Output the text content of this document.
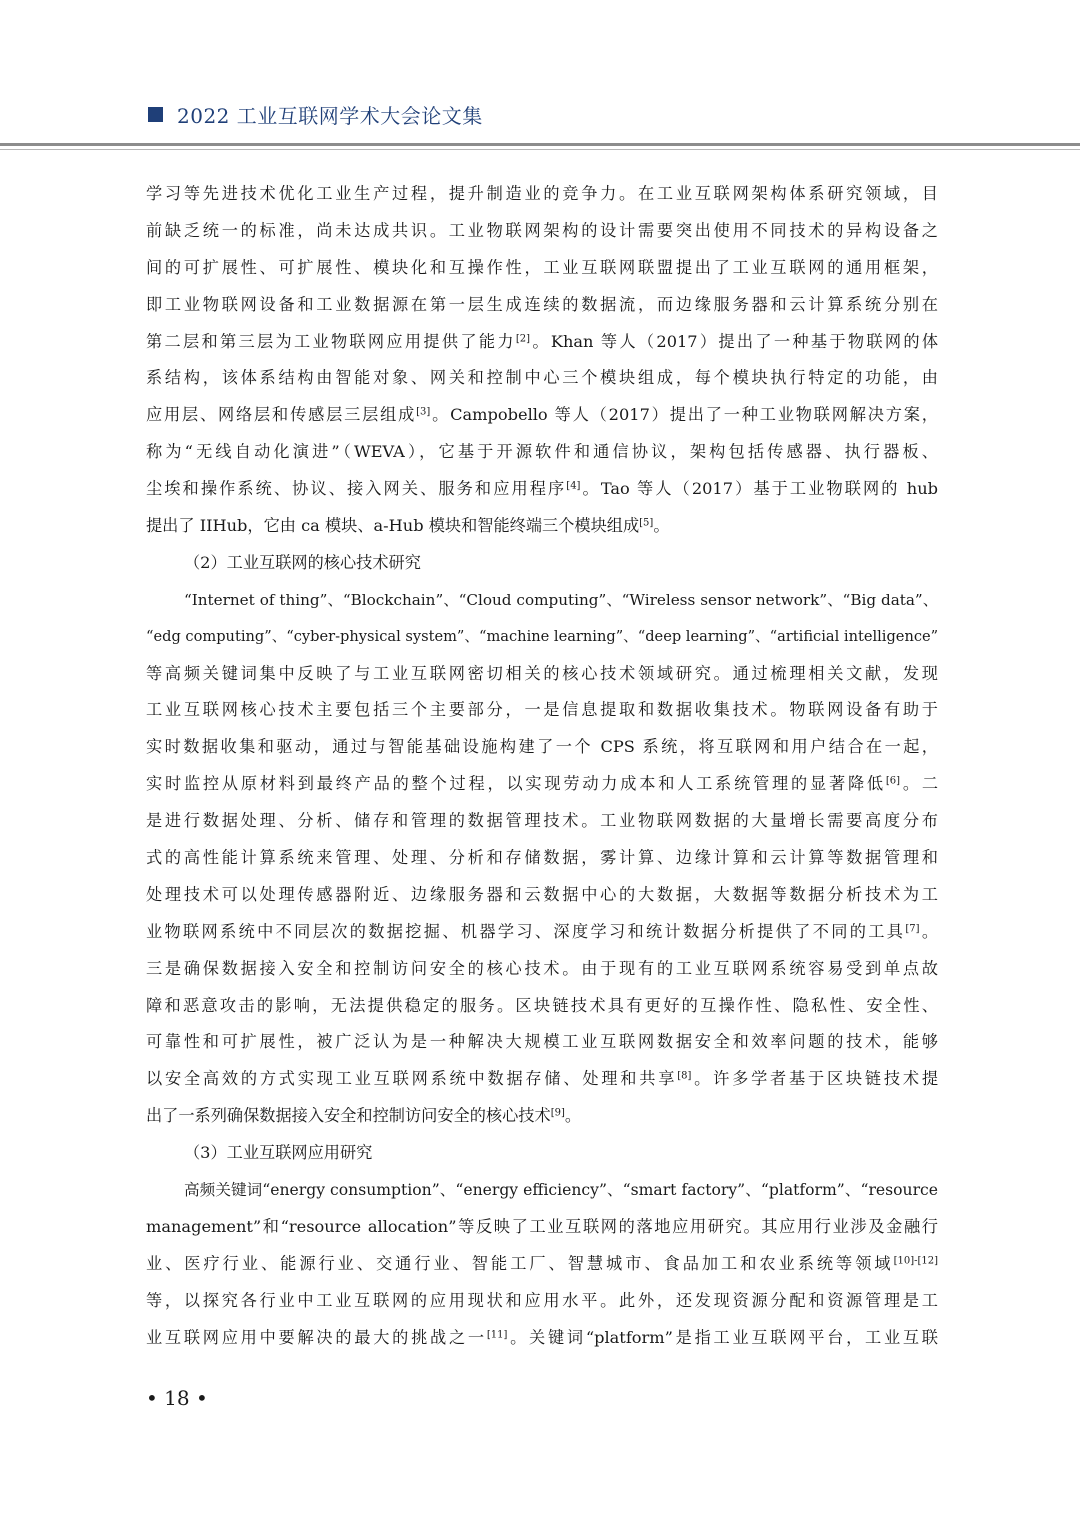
2022 工业互联网学术大会论文集
学习等先进技术优化工业生产过程，提升制造业的竞争力。在工业互联网架构体系研究领域，目
前缺乏统一的标准，尚未达成共识。工业物联网架构的设计需要突出使用不同技术的异构设备之
间的可扩展性、可扩展性、模块化和互操作性，工业互联网联盟提出了工业互联网的通用框架，
即工业物联网设备和工业数据源在第一层生成连续的数据流，而边缘服务器和云计算系统分别在
第二层和第三层为工业物联网应用提供了能力[2]。Khan 等人（2017）提出了一种基于物联网的体
系结构，该体系结构由智能对象、网关和控制中心三个模块组成，每个模块执行特定的功能，由
应用层、网络层和传感层三层组成[3]。Campobello 等人（2017）提出了一种工业物联网解决方案，
称为“无线自动化演进”（WEVA），它基于开源软件和通信协议，架构包括传感器、执行器板、
尘埃和操作系统、协议、接入网关、服务和应用程序[4]。Tao 等人（2017）基于工业物联网的 hub
提出了 IIHub，它由 ca 模块、a-Hub 模块和智能终端三个模块组成[5]。
（2）工业互联网的核心技术研究
“Internet of thing”、“Blockchain”、“Cloud computing”、“Wireless sensor network”、“Big data”、
“edg computing”、“cyber-physical system”、“machine learning”、“deep learning”、“artificial intelligence”
等高频关键词集中反映了与工业互联网密切相关的核心技术领域研究。通过梳理相关文献，发现
工业互联网核心技术主要包括三个主要部分，一是信息提取和数据收集技术。物联网设备有助于
实时数据收集和驱动，通过与智能基础设施构建了一个 CPS 系统，将互联网和用户结合在一起，
实时监控从原材料到最终产品的整个过程，以实现劳动力成本和人工系统管理的显著降低[6]。二
是进行数据处理、分析、储存和管理的数据管理技术。工业物联网数据的大量增长需要高度分布
式的高性能计算系统来管理、处理、分析和存储数据，雾计算、边缘计算和云计算等数据管理和
处理技术可以处理传感器附近、边缘服务器和云数据中心的大数据，大数据等数据分析技术为工
业物联网系统中不同层次的数据挖掘、机器学习、深度学习和统计数据分析提供了不同的工具[7]。
三是确保数据接入安全和控制访问安全的核心技术。由于现有的工业互联网系统容易受到单点故
障和恶意攻击的影响，无法提供稳定的服务。区块链技术具有更好的互操作性、隐私性、安全性、
可靠性和可扩展性，被广泛认为是一种解决大规模工业互联网数据安全和效率问题的技术，能够
以安全高效的方式实现工业互联网系统中数据存储、处理和共享[8]。许多学者基于区块链技术提
出了一系列确保数据接入安全和控制访问安全的核心技术[9]。
（3）工业互联网应用研究
高频关键词“energy consumption”、“energy efficiency”、“smart factory”、“platform”、“resource
management”和“resource allocation”等反映了工业互联网的落地应用研究。其应用行业涉及金融行
业、医疗行业、能源行业、交通行业、智能工厂、智慧城市、食品加工和农业系统等领域[10]-[12]
等，以探究各行业中工业互联网的应用现状和应用水平。此外，还发现资源分配和资源管理是工
业互联网应用中要解决的最大的挑战之一[11]。关键词“platform”是指工业互联网平台，工业互联
• 18 •
